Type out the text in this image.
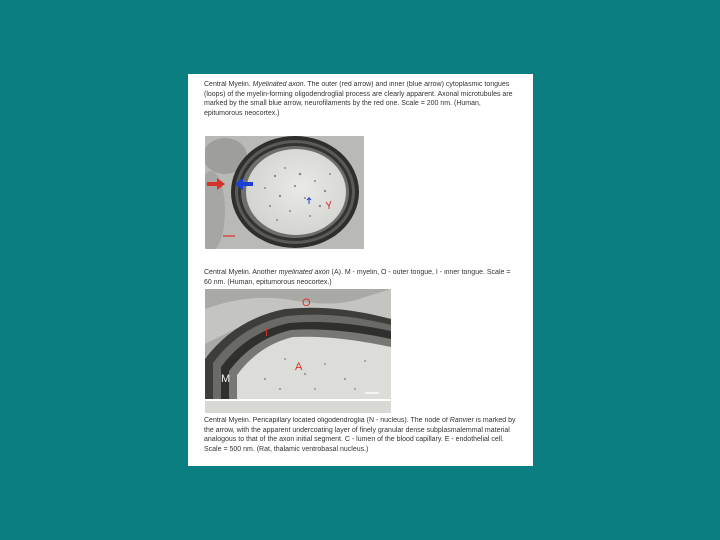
Central Myelin. Myelinated axon. The outer (red arrow) and inner (blue arrow) cytoplasmic tongues (loops) of the myelin-forming oligodendroglial process are clearly apparent. Axonal microtubules are marked by the small blue arrow, neurofilaments by the red one. Scale = 200 nm. (Human, epitumorous neocortex.)

Central Myelin. Another myelinated axon (A). M - myelin, O - outer tongue, I - inner tongue. Scale = 60 nm. (Human, epitumorous neocortex.)

O
I
A
M

Central Myelin. Pericapillary located oligodendroglia (N - nucleus). The node of Ranvier is marked by the arrow, with the apparent undercoating layer of finely granular dense subplasmalemmal material analogous to that of the axon initial segment. C - lumen of the blood capillary. E - endothelial cell. Scale = 500 nm. (Rat, thalamic ventrobasal nucleus.)
